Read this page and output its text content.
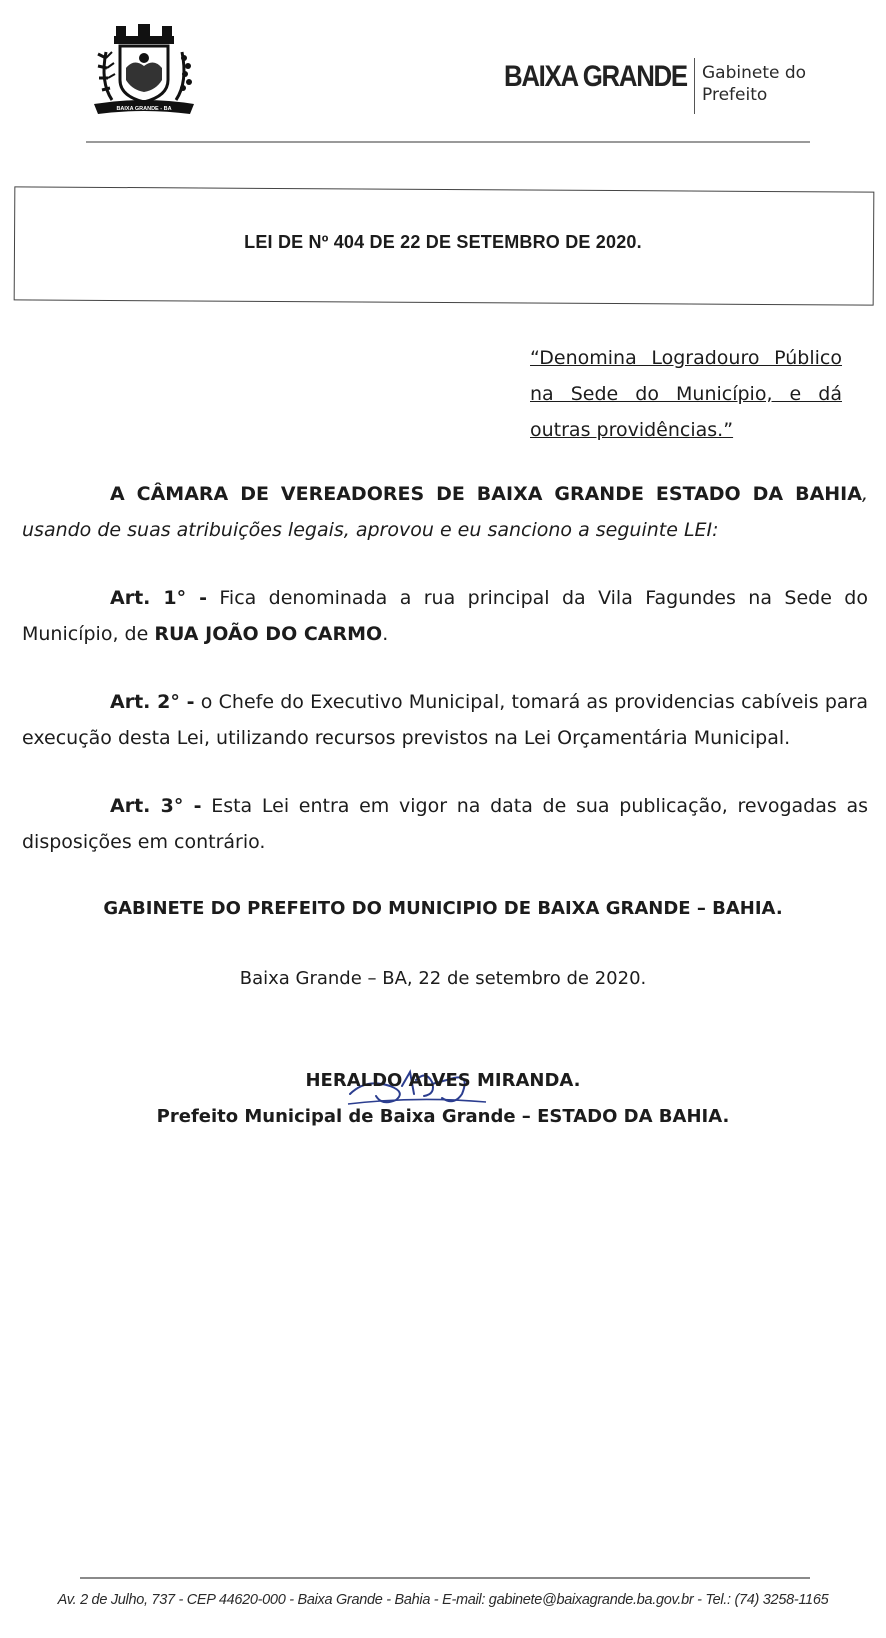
BAIXA GRANDE - BA
BAIXA GRANDE Gabinete do
Prefeito
LEI DE Nº 404 DE 22 DE SETEMBRO DE 2020.
“Denomina Logradouro Público na Sede do Município, e dá outras providências.”
A CÂMARA DE VEREADORES DE BAIXA GRANDE ESTADO DA BAHIA, usando de suas atribuições legais, aprovou e eu sanciono a seguinte LEI:
Art. 1° - Fica denominada a rua principal da Vila Fagundes na Sede do Município, de RUA JOÃO DO CARMO.
Art. 2° - o Chefe do Executivo Municipal, tomará as providencias cabíveis para execução desta Lei, utilizando recursos previstos na Lei Orçamentária Municipal.
Art. 3° - Esta Lei entra em vigor na data de sua publicação, revogadas as disposições em contrário.
GABINETE DO PREFEITO DO MUNICIPIO DE BAIXA GRANDE – BAHIA.
Baixa Grande – BA, 22 de setembro de 2020.
HERALDO ALVES MIRANDA.
Prefeito Municipal de Baixa Grande – ESTADO DA BAHIA.
Av. 2 de Julho, 737 - CEP 44620-000 - Baixa Grande - Bahia - E-mail: gabinete@baixagrande.ba.gov.br - Tel.: (74) 3258-1165
